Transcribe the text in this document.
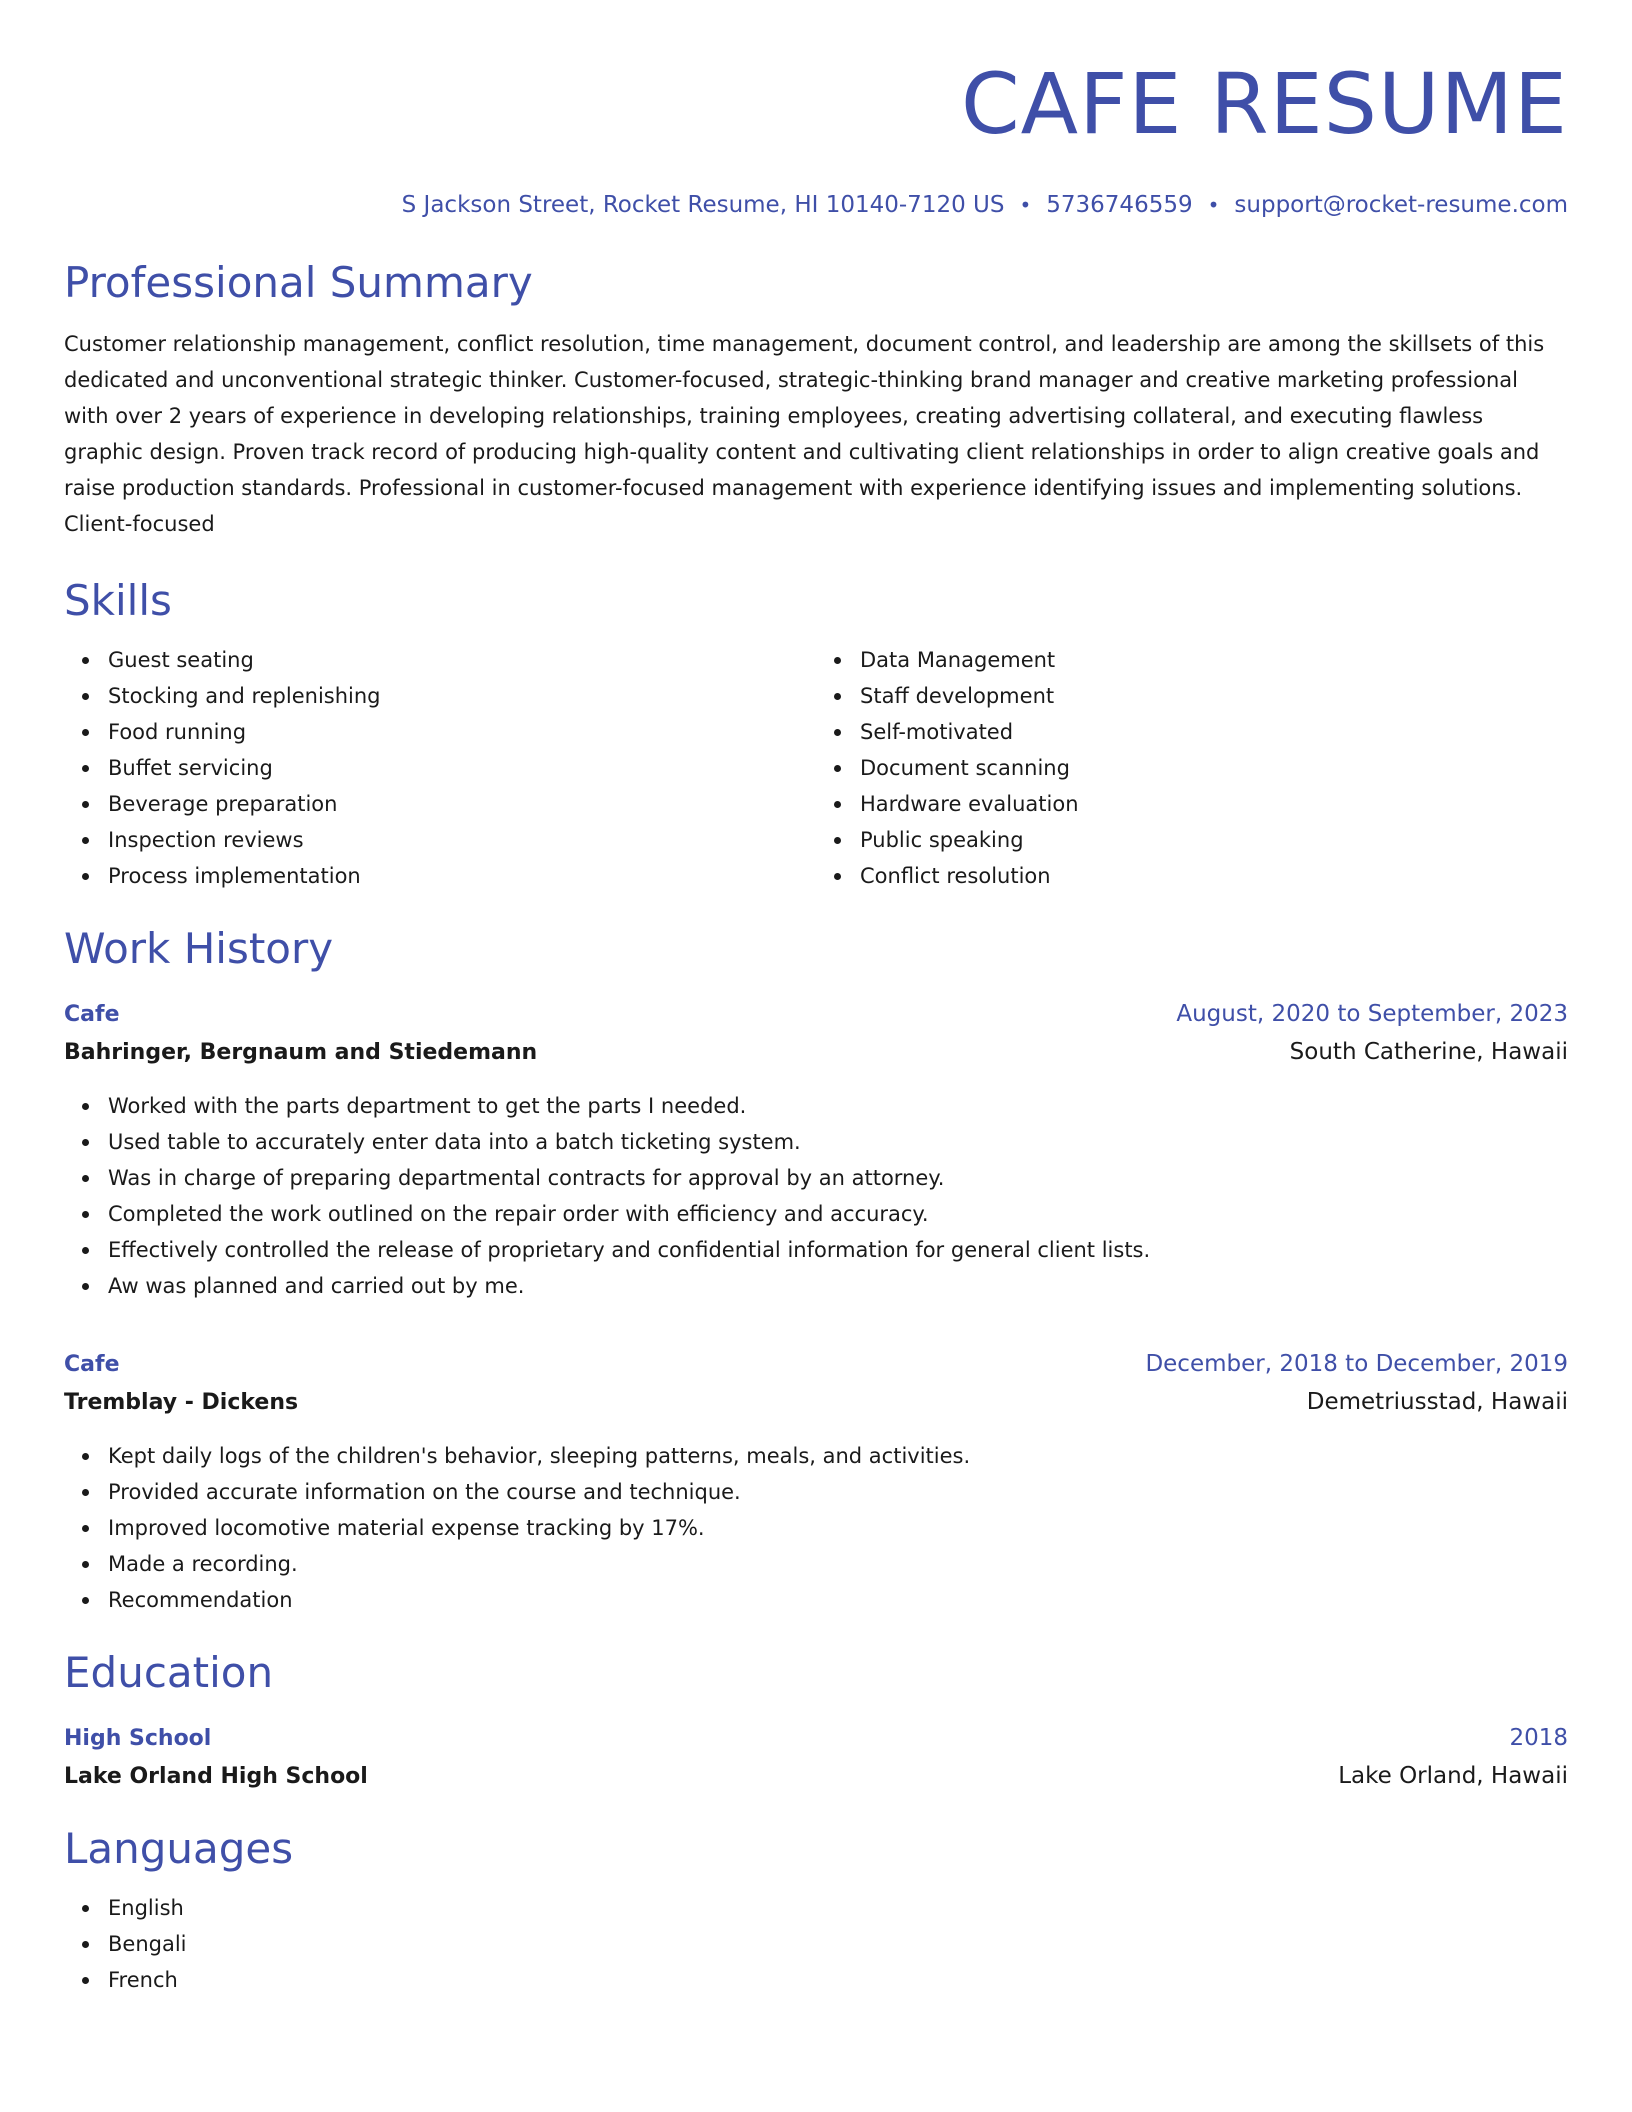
CAFE RESUME
S Jackson Street, Rocket Resume, HI 10140-7120 US • 5736746559 • support@rocket-resume.com
Professional Summary
Customer relationship management, conflict resolution, time management, document control, and leadership are among the skillsets of this dedicated and unconventional strategic thinker. Customer-focused, strategic-thinking brand manager and creative marketing professional with over 2 years of experience in developing relationships, training employees, creating advertising collateral, and executing flawless graphic design. Proven track record of producing high-quality content and cultivating client relationships in order to align creative goals and raise production standards. Professional in customer-focused management with experience identifying issues and implementing solutions. Client-focused
Skills
Guest seating
Stocking and replenishing
Food running
Buffet servicing
Beverage preparation
Inspection reviews
Process implementation
Data Management
Staff development
Self-motivated
Document scanning
Hardware evaluation
Public speaking
Conflict resolution
Work History
Cafe	August, 2020 to September, 2023
Bahringer, Bergnaum and Stiedemann	South Catherine, Hawaii
Worked with the parts department to get the parts I needed.
Used table to accurately enter data into a batch ticketing system.
Was in charge of preparing departmental contracts for approval by an attorney.
Completed the work outlined on the repair order with efficiency and accuracy.
Effectively controlled the release of proprietary and confidential information for general client lists.
Aw was planned and carried out by me.
Cafe	December, 2018 to December, 2019
Tremblay - Dickens	Demetriusstad, Hawaii
Kept daily logs of the children's behavior, sleeping patterns, meals, and activities.
Provided accurate information on the course and technique.
Improved locomotive material expense tracking by 17%.
Made a recording.
Recommendation
Education
High School	2018
Lake Orland High School	Lake Orland, Hawaii
Languages
English
Bengali
French
